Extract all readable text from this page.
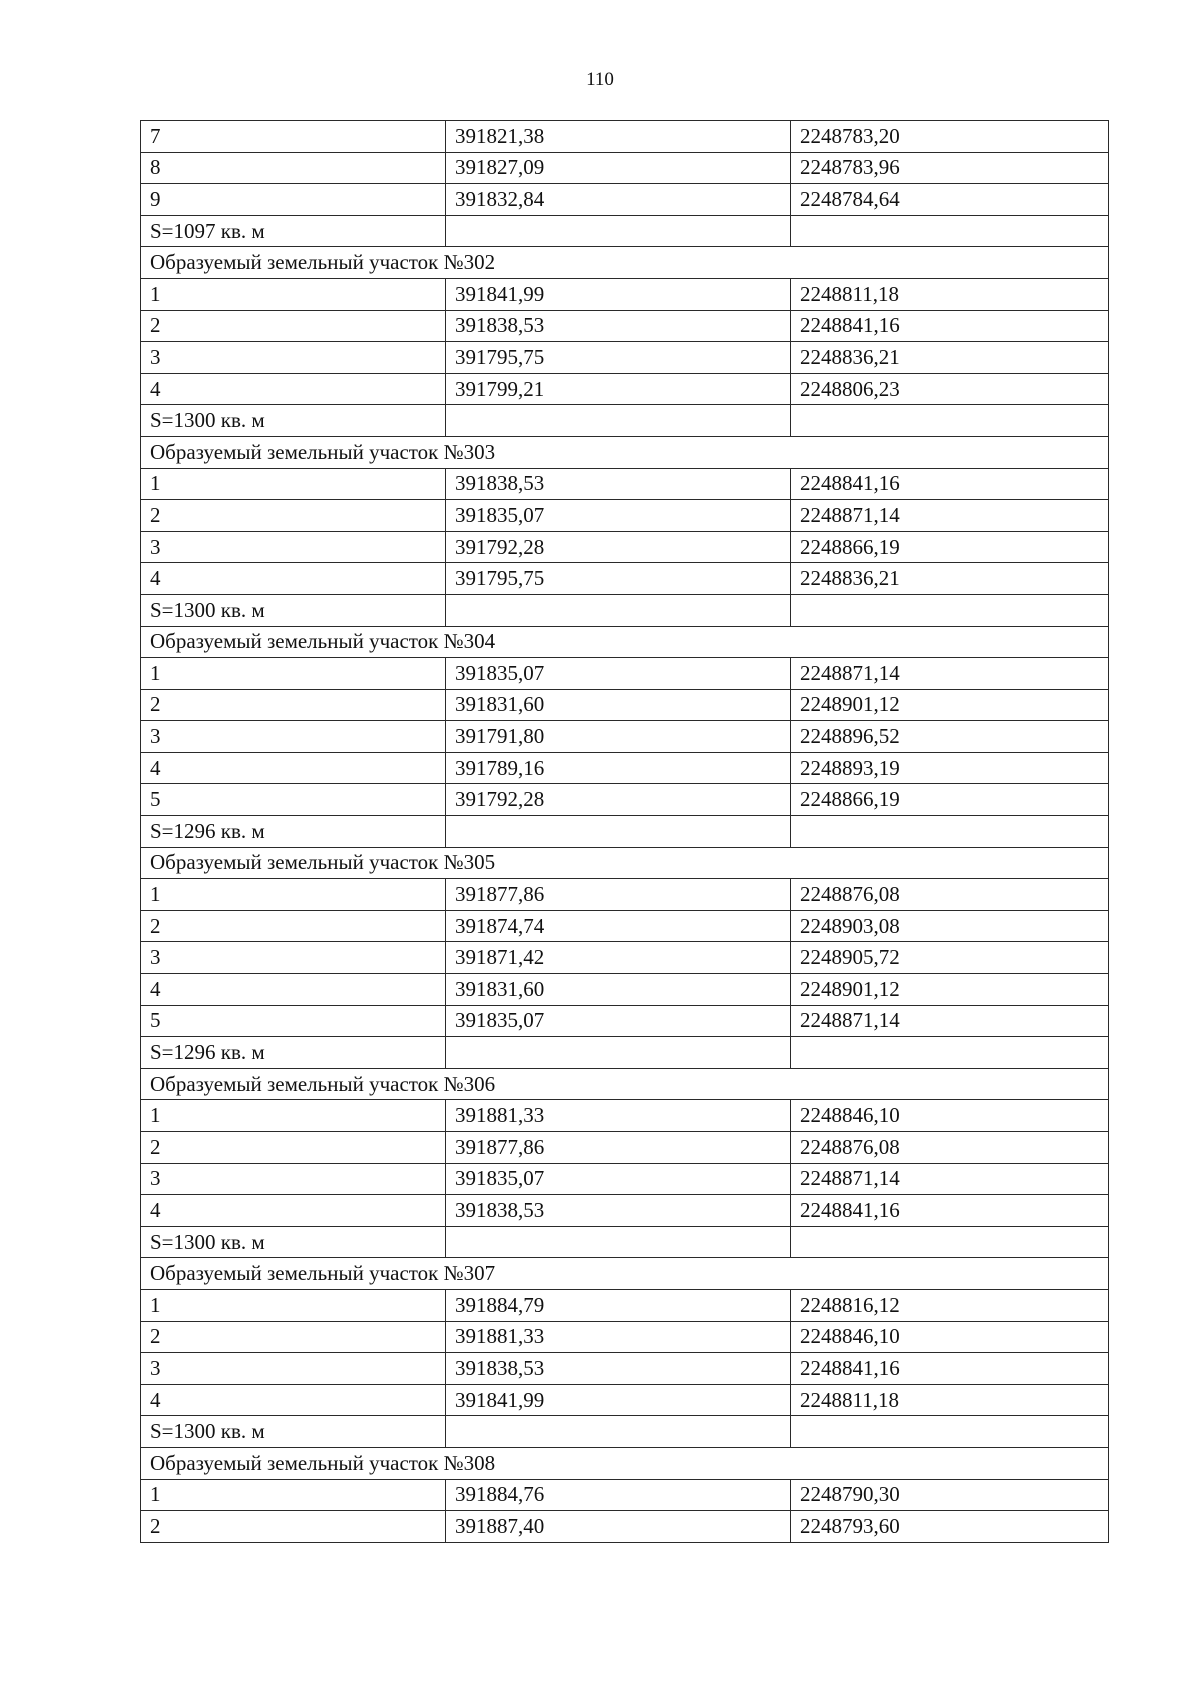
110
7	391821,38	2248783,20
8	391827,09	2248783,96
9	391832,84	2248784,64
S=1097 кв. м		
Образуемый земельный участок №302		
1	391841,99	2248811,18
2	391838,53	2248841,16
3	391795,75	2248836,21
4	391799,21	2248806,23
S=1300 кв. м		
Образуемый земельный участок №303		
1	391838,53	2248841,16
2	391835,07	2248871,14
3	391792,28	2248866,19
4	391795,75	2248836,21
S=1300 кв. м		
Образуемый земельный участок №304		
1	391835,07	2248871,14
2	391831,60	2248901,12
3	391791,80	2248896,52
4	391789,16	2248893,19
5	391792,28	2248866,19
S=1296 кв. м		
Образуемый земельный участок №305		
1	391877,86	2248876,08
2	391874,74	2248903,08
3	391871,42	2248905,72
4	391831,60	2248901,12
5	391835,07	2248871,14
S=1296 кв. м		
Образуемый земельный участок №306		
1	391881,33	2248846,10
2	391877,86	2248876,08
3	391835,07	2248871,14
4	391838,53	2248841,16
S=1300 кв. м		
Образуемый земельный участок №307		
1	391884,79	2248816,12
2	391881,33	2248846,10
3	391838,53	2248841,16
4	391841,99	2248811,18
S=1300 кв. м		
Образуемый земельный участок №308		
1	391884,76	2248790,30
2	391887,40	2248793,60
